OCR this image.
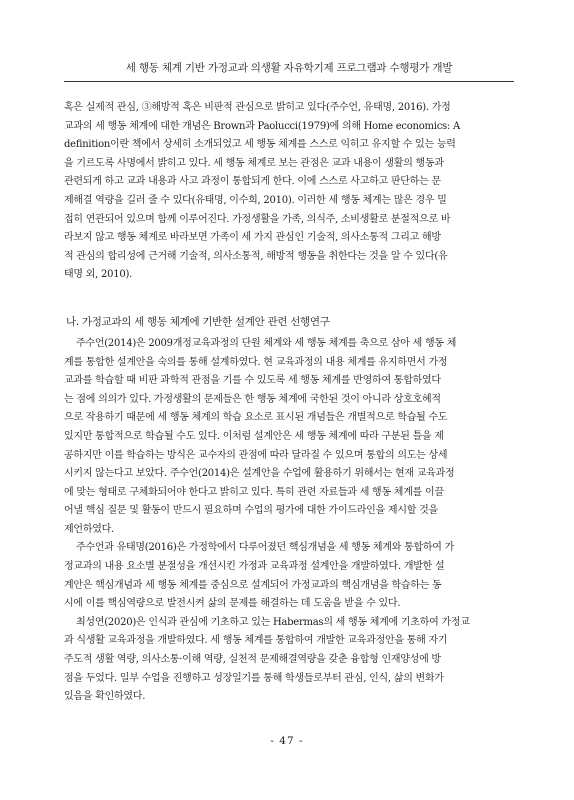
세 행동 체계 기반 가정교과 의생활 자유학기제 프로그램과 수행평가 개발
혹은 실제적 관심, ③해방적 혹은 비판적 관심으로 밝히고 있다(주수언, 유태명, 2016). 가정
교과의 세 행동 체계에 대한 개념은 Brown과 Paolucci(1979)에 의해 Home economics: A
definition이란 책에서 상세히 소개되었고 세 행동 체계를 스스로 익히고 유지할 수 있는 능력
을 기르도록 사명에서 밝히고 있다. 세 행동 체계로 보는 관점은 교과 내용이 생활의 행동과
관련되게 하고 교과 내용과 사고 과정이 통합되게 한다. 이에 스스로 사고하고 판단하는 문
제해결 역량을 길러 줄 수 있다(유태명, 이수희, 2010). 이러한 세 행동 체계는 많은 경우 밀
접히 연관되어 있으며 함께 이루어진다. 가정생활을 가족, 의식주, 소비생활로 분절적으로 바
라보지 않고 행동 체계로 바라보면 가족이 세 가지 관심인 기술적, 의사소통적 그리고 해방
적 관심의 합리성에 근거해 기술적, 의사소통적, 해방적 행동을 취한다는 것을 알 수 있다(유
태명 외, 2010).
나. 가정교과의 세 행동 체계에 기반한 설계안 관련 선행연구
주수언(2014)은 2009개정교육과정의 단원 체계와 세 행동 체계를 축으로 삼아 세 행동 체
계를 통합한 설계안을 숙의를 통해 설계하였다. 현 교육과정의 내용 체계를 유지하면서 가정
교과를 학습할 때 비판 과학적 관점을 기를 수 있도록 세 행동 체계를 반영하여 통합하였다
는 점에 의의가 있다. 가정생활의 문제들은 한 행동 체계에 국한된 것이 아니라 상호호혜적
으로 작용하기 때문에 세 행동 체계의 학습 요소로 표시된 개념들은 개별적으로 학습될 수도
있지만 통합적으로 학습될 수도 있다. 이처럼 설계안은 세 행동 체계에 따라 구분된 틀을 제
공하지만 이를 학습하는 방식은 교수자의 관점에 따라 달라질 수 있으며 통합의 의도는 상세
시키지 않는다고 보았다. 주수언(2014)은 설계안을 수업에 활용하기 위해서는 현재 교육과정
에 맞는 형태로 구체화되어야 한다고 밝히고 있다. 특히 관련 자료들과 세 행동 체계를 이끌
어낼 핵심 질문 및 활동이 반드시 필요하며 수업의 평가에 대한 가이드라인을 제시할 것을
제언하였다.
주수언과 유태명(2016)은 가정학에서 다루어졌던 핵심개념을 세 행동 체계와 통합하여 가
정교과의 내용 요소별 분절성을 개선시킨 가정과 교육과정 설계안을 개발하였다. 개발한 설
계안은 핵심개념과 세 행동 체계를 중심으로 설계되어 가정교과의 핵심개념을 학습하는 동
시에 이를 핵심역량으로 발전시켜 삶의 문제를 해결하는 데 도움을 받을 수 있다.
최성연(2020)은 인식과 관심에 기초하고 있는 Habermas의 세 행동 체계에 기초하여 가정교
과 식생활 교육과정을 개발하였다. 세 행동 체계를 통합하여 개발한 교육과정안을 통해 자기
주도적 생활 역량, 의사소통·이해 역량, 실천적 문제해결역량을 갖춘 융합형 인재양성에 방
점을 두었다. 일부 수업을 진행하고 성장일기를 통해 학생들로부터 관심, 인식, 삶의 변화가
있음을 확인하였다.
- 47 -
